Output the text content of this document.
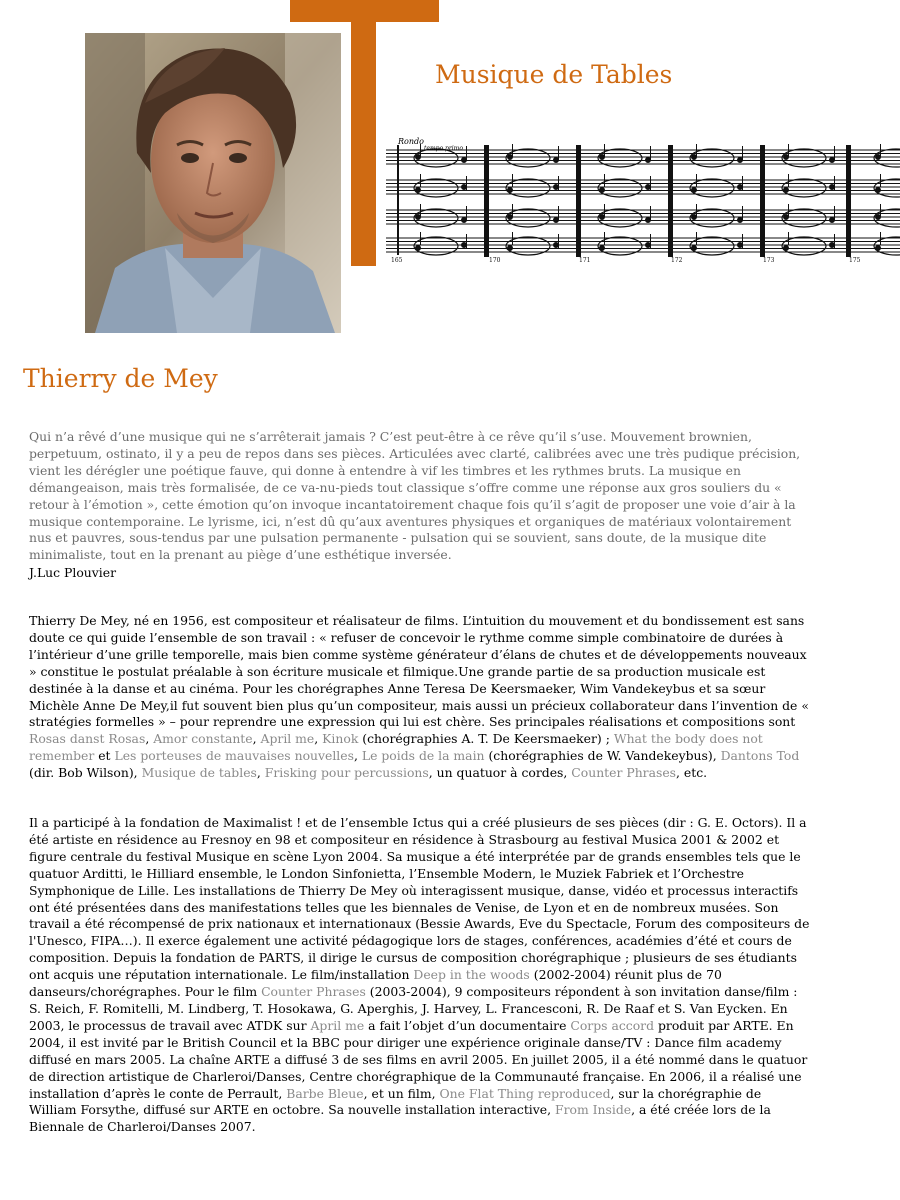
Musique de Tables
Rondo
tempo primo
165	170	171	172	173	175
Thierry de Mey

Qui n’a rêvé d’une musique qui ne s’arrêterait jamais ? C’est peut-être à ce rêve qu’il s’use. Mouvement brownien, perpetuum, ostinato, il y a peu de repos dans ses pièces. Articulées avec clarté, calibrées avec une très pudique précision, vient les dérégler une poétique fauve, qui donne à entendre à vif les timbres et les rythmes bruts. La musique en démangeaison, mais très formalisée, de ce va-nu-pieds tout classique s’offre comme une réponse aux gros souliers du « retour à l’émotion », cette émotion qu’on invoque incantatoirement chaque fois qu’il s’agit de proposer une voie d’air à la musique contemporaine. Le lyrisme, ici, n’est dû qu’aux aventures physiques et organiques de matériaux volontairement nus et pauvres, sous-tendus par une pulsation permanente - pulsation qui se souvient, sans doute, de la musique dite minimaliste, tout en la prenant au piège d’une esthétique inversée.

J.Luc Plouvier

Thierry De Mey, né en 1956, est compositeur et réalisateur de films. L’intuition du mouvement et du bondissement est sans doute ce qui guide l’ensemble de son travail : « refuser de concevoir le rythme comme simple combinatoire de durées à l’intérieur d’une grille temporelle, mais bien comme système générateur d’élans de chutes et de développements nouveaux » constitue le postulat préalable à son écriture musicale et filmique.Une grande partie de sa production musicale est destinée à la danse et au cinéma. Pour les chorégraphes Anne Teresa De Keersmaeker, Wim Vandekeybus et sa sœur Michèle Anne De Mey,il fut souvent bien plus qu’un compositeur, mais aussi un précieux collaborateur dans l’invention de « stratégies formelles » – pour reprendre une expression qui lui est chère. Ses principales réalisations et compositions sont Rosas danst Rosas, Amor constante, April me, Kinok (chorégraphies A. T. De Keersmaeker) ; What the body does not remember et Les porteuses de mauvaises nouvelles, Le poids de la main (chorégraphies de W. Vandekeybus), Dantons Tod (dir. Bob Wilson), Musique de tables, Frisking pour percussions, un quatuor à cordes, Counter Phrases, etc.

Il a participé à la fondation de Maximalist ! et de l’ensemble Ictus qui a créé plusieurs de ses pièces (dir : G. E. Octors). Il a été artiste en résidence au Fresnoy en 98 et compositeur en résidence à Strasbourg au festival Musica 2001 & 2002 et figure centrale du festival Musique en scène Lyon 2004. Sa musique a été interprétée par de grands ensembles tels que le quatuor Arditti, le Hilliard ensemble, le London Sinfonietta, l’Ensemble Modern, le Muziek Fabriek et l’Orchestre Symphonique de Lille. Les installations de Thierry De Mey où interagissent musique, danse, vidéo et processus interactifs ont été présentées dans des manifestations telles que les biennales de Venise, de Lyon et en de nombreux musées. Son travail a été récompensé de prix nationaux et internationaux (Bessie Awards, Eve du Spectacle, Forum des compositeurs de l'Unesco, FIPA…). Il exerce également une activité pédagogique lors de stages, conférences, académies d’été et cours de composition. Depuis la fondation de PARTS, il dirige le cursus de composition chorégraphique ; plusieurs de ses étudiants ont acquis une réputation internationale. Le film/installation Deep in the woods (2002-2004) réunit plus de 70 danseurs/chorégraphes. Pour le film Counter Phrases (2003-2004), 9 compositeurs répondent à son invitation danse/film : S. Reich, F. Romitelli, M. Lindberg, T. Hosokawa, G. Aperghis, J. Harvey, L. Francesconi, R. De Raaf et S. Van Eycken. En 2003, le processus de travail avec ATDK sur April me a fait l’objet d’un documentaire Corps accord produit par ARTE. En 2004, il est invité par le British Council et la BBC pour diriger une expérience originale danse/TV : Dance film academy diffusé en mars 2005. La chaîne ARTE a diffusé 3 de ses films en avril 2005. En juillet 2005, il a été nommé dans le quatuor de direction artistique de Charleroi/Danses, Centre chorégraphique de la Communauté française. En 2006, il a réalisé une installation d’après le conte de Perrault, Barbe Bleue, et un film, One Flat Thing reproduced, sur la chorégraphie de William Forsythe, diffusé sur ARTE en octobre. Sa nouvelle installation interactive, From Inside, a été créée lors de la Biennale de Charleroi/Danses 2007.
